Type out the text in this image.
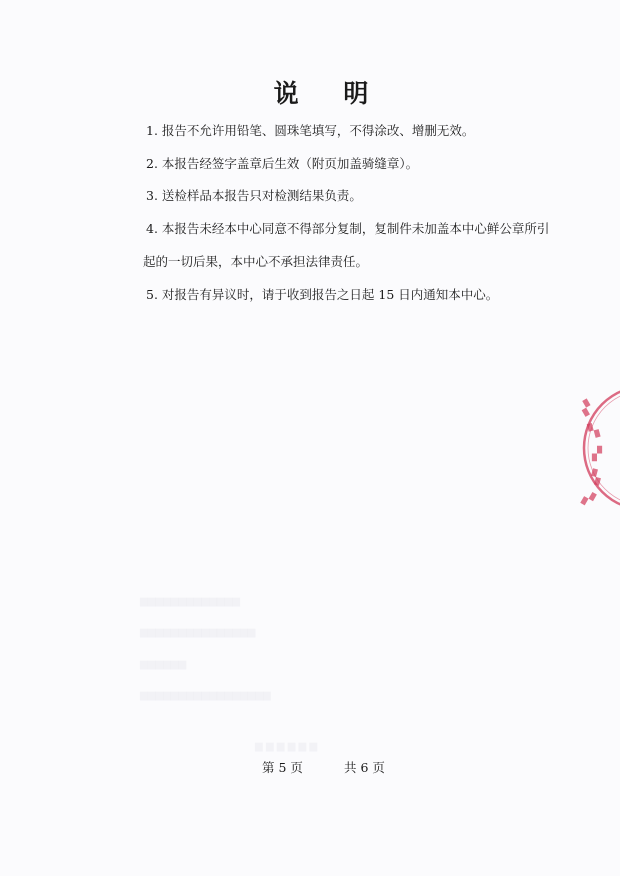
说 明
1. 报告不允许用铅笔、圆珠笔填写，不得涂改、增删无效。
2. 本报告经签字盖章后生效（附页加盖骑缝章）。
3. 送检样品本报告只对检测结果负责。
4. 本报告未经本中心同意不得部分复制，复制件未加盖本中心鲜公章所引
起的一切后果，本中心不承担法律责任。
5. 对报告有异议时，请于收到报告之日起 15 日内通知本中心。
▆▆▆▆▆▆▆▆▆▆▆▆▆
▆▆▆▆▆▆▆▆▆▆▆▆▆▆▆
▆▆▆▆▆▆
▆▆▆▆▆▆▆▆▆▆▆▆▆▆▆▆▆
▆ ▆ ▆ ▆ ▆ ▆
▞
▚
▞
▚
▞
第 5 页	共 6 页
